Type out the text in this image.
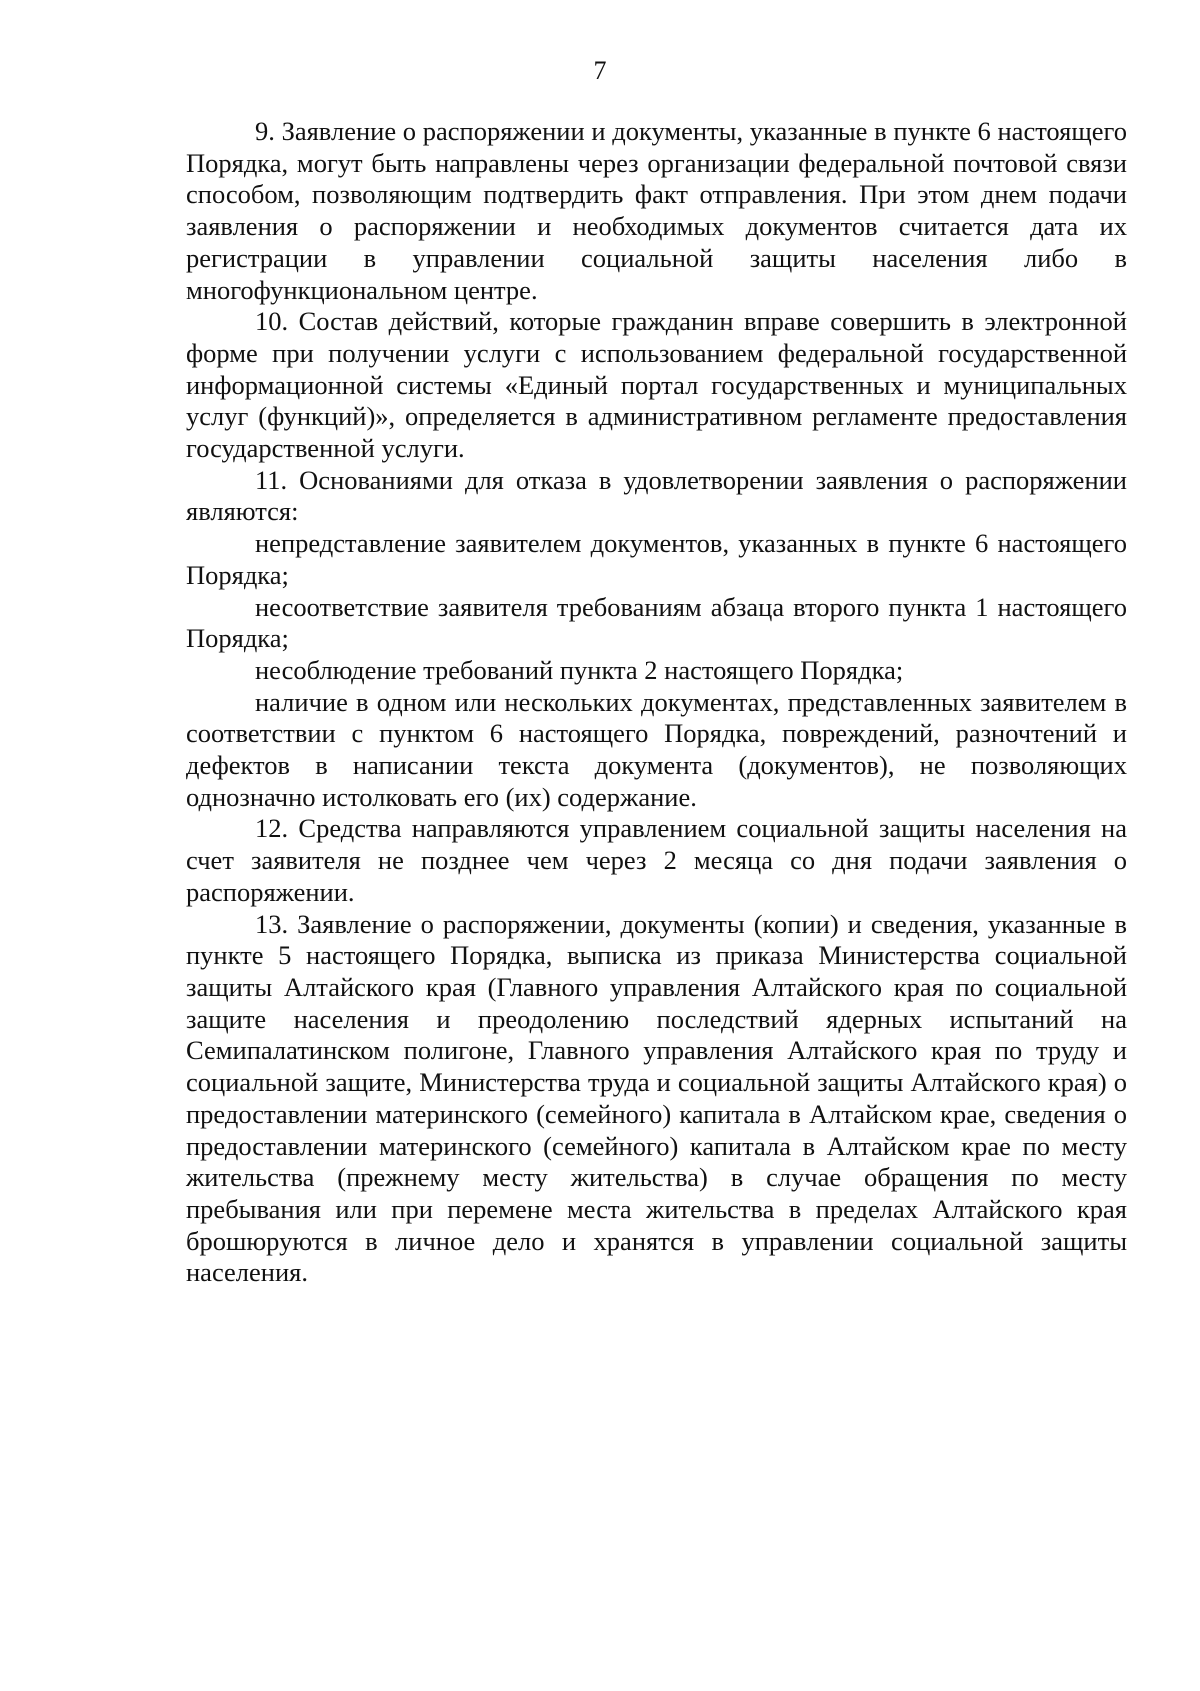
7

9. Заявление о распоряжении и документы, указанные в пункте 6 настоящего Порядка, могут быть направлены через организации федеральной почтовой связи способом, позволяющим подтвердить факт отправления. При этом днем подачи заявления о распоряжении и необходимых документов считается дата их регистрации в управлении социальной защиты населения либо в многофункциональном центре.

10. Состав действий, которые гражданин вправе совершить в электронной форме при получении услуги с использованием федеральной государственной информационной системы «Единый портал государственных и муниципальных услуг (функций)», определяется в административном регламенте предоставления государственной услуги.

11. Основаниями для отказа в удовлетворении заявления о распоряжении являются:

непредставление заявителем документов, указанных в пункте 6 настоящего Порядка;

несоответствие заявителя требованиям абзаца второго пункта 1 настоящего Порядка;

несоблюдение требований пункта 2 настоящего Порядка;

наличие в одном или нескольких документах, представленных заявителем в соответствии с пунктом 6 настоящего Порядка, повреждений, разночтений и дефектов в написании текста документа (документов), не позволяющих однозначно истолковать его (их) содержание.

12. Средства направляются управлением социальной защиты населения на счет заявителя не позднее чем через 2 месяца со дня подачи заявления о распоряжении.

13. Заявление о распоряжении, документы (копии) и сведения, указанные в пункте 5 настоящего Порядка, выписка из приказа Министерства социальной защиты Алтайского края (Главного управления Алтайского края по социальной защите населения и преодолению последствий ядерных испытаний на Семипалатинском полигоне, Главного управления Алтайского края по труду и социальной защите, Министерства труда и социальной защиты Алтайского края) о предоставлении материнского (семейного) капитала в Алтайском крае, сведения о предоставлении материнского (семейного) капитала в Алтайском крае по месту жительства (прежнему месту жительства) в случае обращения по месту пребывания или при перемене места жительства в пределах Алтайского края брошюруются в личное дело и хранятся в управлении социальной защиты населения.
